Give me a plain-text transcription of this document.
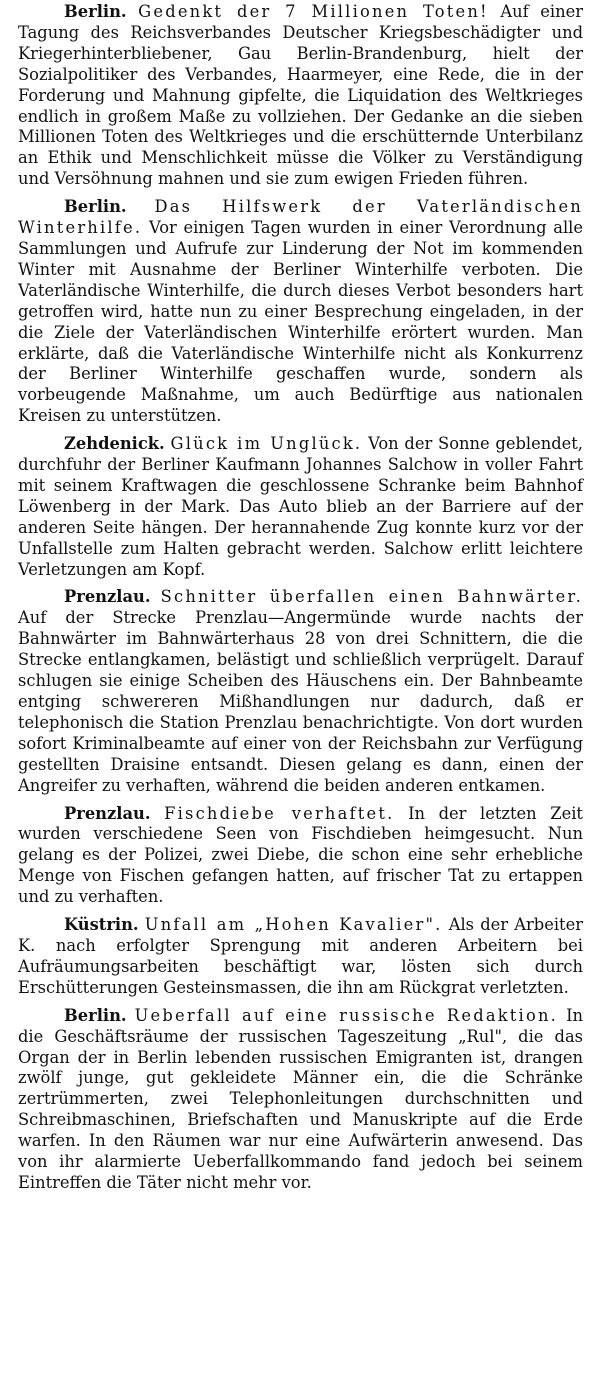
Berlin. Gedenkt der 7 Millionen Toten! Auf einer Tagung des Reichsverbandes Deutscher Kriegsbeschädigter und Kriegerhinterbliebener, Gau Berlin-Brandenburg, hielt der Sozialpolitiker des Verbandes, Haarmeyer, eine Rede, die in der Forderung und Mahnung gipfelte, die Liquidation des Weltkrieges endlich in großem Maße zu vollziehen. Der Gedanke an die sieben Millionen Toten des Weltkrieges und die erschütternde Unterbilanz an Ethik und Menschlichkeit müsse die Völker zu Verständigung und Versöhnung mahnen und sie zum ewigen Frieden führen.

Berlin. Das Hilfswerk der Vaterländischen Winterhilfe. Vor einigen Tagen wurden in einer Verordnung alle Sammlungen und Aufrufe zur Linderung der Not im kommenden Winter mit Ausnahme der Berliner Winterhilfe verboten. Die Vaterländische Winterhilfe, die durch dieses Verbot besonders hart getroffen wird, hatte nun zu einer Besprechung eingeladen, in der die Ziele der Vaterländischen Winterhilfe erörtert wurden. Man erklärte, daß die Vaterländische Winterhilfe nicht als Konkurrenz der Berliner Winterhilfe geschaffen wurde, sondern als vorbeugende Maßnahme, um auch Bedürftige aus nationalen Kreisen zu unterstützen.

Zehdenick. Glück im Unglück. Von der Sonne geblendet, durchfuhr der Berliner Kaufmann Johannes Salchow in voller Fahrt mit seinem Kraftwagen die geschlossene Schranke beim Bahnhof Löwenberg in der Mark. Das Auto blieb an der Barriere auf der anderen Seite hängen. Der herannahende Zug konnte kurz vor der Unfallstelle zum Halten gebracht werden. Salchow erlitt leichtere Verletzungen am Kopf.

Prenzlau. Schnitter überfallen einen Bahnwärter. Auf der Strecke Prenzlau—Angermünde wurde nachts der Bahnwärter im Bahnwärterhaus 28 von drei Schnittern, die die Strecke entlangkamen, belästigt und schließlich verprügelt. Darauf schlugen sie einige Scheiben des Häuschens ein. Der Bahnbeamte entging schwereren Mißhandlungen nur dadurch, daß er telephonisch die Station Prenzlau benachrichtigte. Von dort wurden sofort Kriminalbeamte auf einer von der Reichsbahn zur Verfügung gestellten Draisine entsandt. Diesen gelang es dann, einen der Angreifer zu verhaften, während die beiden anderen entkamen.

Prenzlau. Fischdiebe verhaftet. In der letzten Zeit wurden verschiedene Seen von Fischdieben heimgesucht. Nun gelang es der Polizei, zwei Diebe, die schon eine sehr erhebliche Menge von Fischen gefangen hatten, auf frischer Tat zu ertappen und zu verhaften.

Küstrin. Unfall am „Hohen Kavalier". Als der Arbeiter K. nach erfolgter Sprengung mit anderen Arbeitern bei Aufräumungsarbeiten beschäftigt war, lösten sich durch Erschütterungen Gesteinsmassen, die ihn am Rückgrat verletzten.

Berlin. Ueberfall auf eine russische Redaktion. In die Geschäftsräume der russischen Tageszeitung „Rul", die das Organ der in Berlin lebenden russischen Emigranten ist, drangen zwölf junge, gut gekleidete Männer ein, die die Schränke zertrümmerten, zwei Telephonleitungen durchschnitten und Schreibmaschinen, Briefschaften und Manuskripte auf die Erde warfen. In den Räumen war nur eine Aufwärterin anwesend. Das von ihr alarmierte Ueberfallkommando fand jedoch bei seinem Eintreffen die Täter nicht mehr vor.
